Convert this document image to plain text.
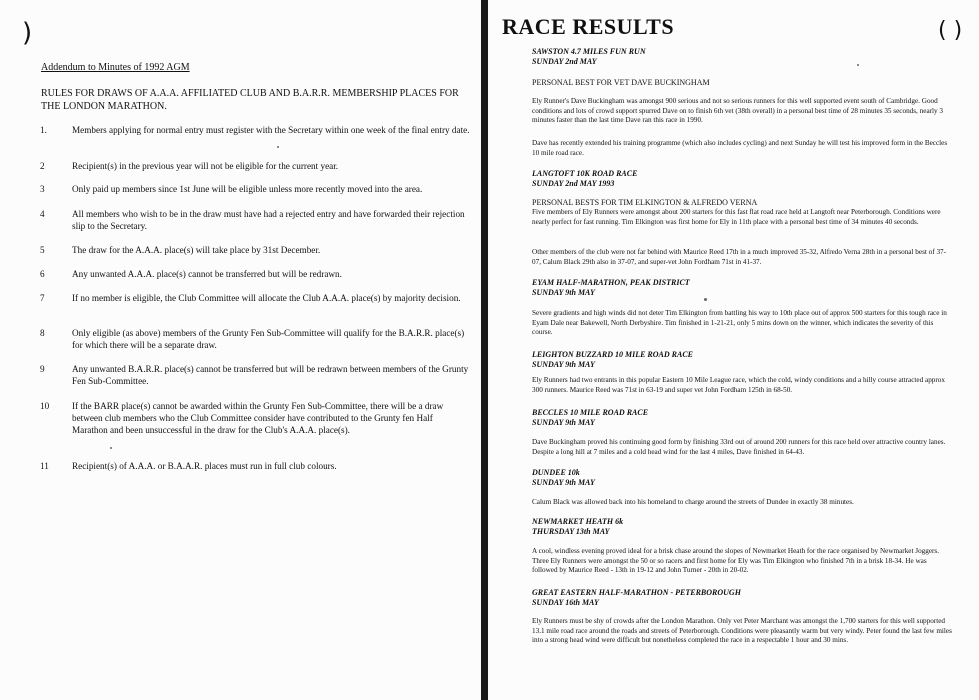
)	( )
Addendum to Minutes of 1992 AGM
RULES FOR DRAWS OF A.A.A. AFFILIATED CLUB AND B.A.R.R. MEMBERSHIP PLACES FOR THE LONDON MARATHON.
1.	Members applying for normal entry must register with the Secretary within one week of the final entry date.
2	Recipient(s) in the previous year will not be eligible for the current year.
3	Only paid up members since 1st June will be eligible unless more recently moved into the area.
4	All members who wish to be in the draw must have had a rejected entry and have forwarded their rejection slip to the Secretary.
5	The draw for the A.A.A. place(s) will take place by 31st December.
6	Any unwanted A.A.A. place(s) cannot be transferred but will be redrawn.
7	If no member is eligible, the Club Committee will allocate the Club A.A.A. place(s) by majority decision.
8	Only eligible (as above) members of the Grunty Fen Sub-Committee will qualify for the B.A.R.R. place(s) for which there will be a separate draw.
9	Any unwanted B.A.R.R. place(s) cannot be transferred but will be redrawn between members of the Grunty Fen Sub-Committee.
10	If the BARR place(s) cannot be awarded within the Grunty Fen Sub-Committee, there will be a draw between club members who the Club Committee consider have contributed to the Grunty fen Half Marathon and been unsuccessful in the draw for the Club's A.A.A. place(s).
11	Recipient(s) of A.A.A. or B.A.A.R. places must run in full club colours.
RACE RESULTS
SAWSTON 4.7 MILES FUN RUN
SUNDAY 2nd MAY
PERSONAL BEST FOR VET DAVE BUCKINGHAM
Ely Runner's Dave Buckingham was amongst 900 serious and not so serious runners for this well supported event south of Cambridge. Good conditions and lots of crowd support spurred Dave on to finish 6th vet (38th overall) in a personal best time of 28 minutes 35 seconds, nearly 3 minutes faster than the last time Dave ran this race in 1990.
Dave has recently extended his training programme (which also includes cycling) and next Sunday he will test his improved form in the Beccles 10 mile road race.
LANGTOFT 10K ROAD RACE
SUNDAY 2nd MAY 1993
PERSONAL BESTS FOR TIM ELKINGTON & ALFREDO VERNA
Five members of Ely Runners were amongst about 200 starters for this fast flat road race held at Langtoft near Peterborough. Conditions were nearly perfect for fast running. Tim Elkington was first home for Ely in 11th place with a personal best time of 34 minutes 40 seconds.
Other members of the club were not far behind with Maurice Reed 17th in a much improved 35-32, Alfredo Verna 28th in a personal best of 37-07, Calum Black 29th also in 37-07, and super-vet John Fordham 71st in 41-37.
EYAM HALF-MARATHON, PEAK DISTRICT
SUNDAY 9th MAY
Severe gradients and high winds did not deter Tim Elkington from battling his way to 10th place out of approx 500 starters for this tough race in Eyam Dale near Bakewell, North Derbyshire. Tim finished in 1-21-21, only 5 mins down on the winner, which indicates the severity of this course.
LEIGHTON BUZZARD 10 MILE ROAD RACE
SUNDAY 9th MAY
Ely Runners had two entrants in this popular Eastern 10 Mile League race, which the cold, windy conditions and a hilly course attracted approx 300 runners. Maurice Reed was 71st in 63-19 and super vet John Fordham 125th in 68-50.
BECCLES 10 MILE ROAD RACE
SUNDAY 9th MAY
Dave Buckingham proved his continuing good form by finishing 33rd out of around 200 runners for this race held over attractive country lanes. Despite a long hill at 7 miles and a cold head wind for the last 4 miles, Dave finished in 64-43.
DUNDEE 10k
SUNDAY 9th MAY
Calum Black was allowed back into his homeland to charge around the streets of Dundee in exactly 38 minutes.
NEWMARKET HEATH 6k
THURSDAY 13th MAY
A cool, windless evening proved ideal for a brisk chase around the slopes of Newmarket Heath for the race organised by Newmarket Joggers. Three Ely Runners were amongst the 50 or so racers and first home for Ely was Tim Elkington who finished 7th in a brisk 18-34. He was followed by Maurice Reed - 13th in 19-12 and John Turner - 20th in 20-02.
GREAT EASTERN HALF-MARATHON - PETERBOROUGH
SUNDAY 16th MAY
Ely Runners must be shy of crowds after the London Marathon. Only vet Peter Marchant was amongst the 1,700 starters for this well supported 13.1 mile road race around the roads and streets of Peterborough. Conditions were pleasantly warm but very windy. Peter found the last few miles into a strong head wind were difficult but nonetheless completed the race in a respectable 1 hour and 30 mins.
